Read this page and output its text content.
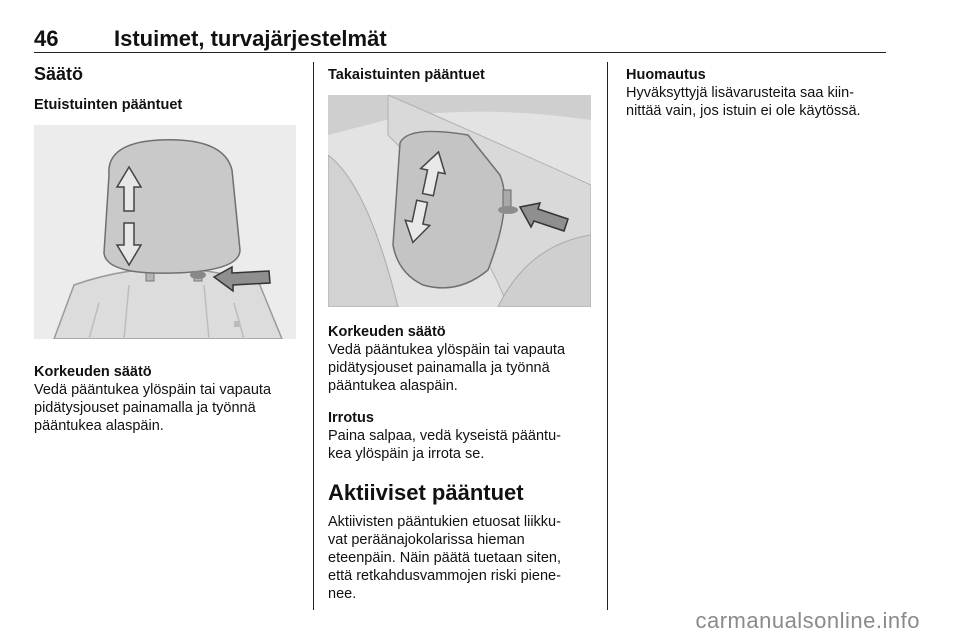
46	Istuimet, turvajärjestelmät

Säätö

Etuistuinten pääntuet

Korkeuden säätö

Vedä pääntukea ylöspäin tai vapauta

pidätysjouset painamalla ja työnnä

pääntukea alaspäin.

Takaistuinten pääntuet

Korkeuden säätö

Vedä pääntukea ylöspäin tai vapauta

pidätysjouset painamalla ja työnnä

pääntukea alaspäin.

Irrotus

Paina salpaa, vedä kyseistä pääntu-

kea ylöspäin ja irrota se.

Aktiiviset pääntuet

Aktiivisten pääntukien etuosat liikku-

vat peräänajokolarissa hieman

eteenpäin. Näin päätä tuetaan siten,

että retkahdusvammojen riski piene-

nee.

Huomautus

Hyväksyttyjä lisävarusteita saa kiin-

nittää vain, jos istuin ei ole käytössä.

carmanualsonline.info
